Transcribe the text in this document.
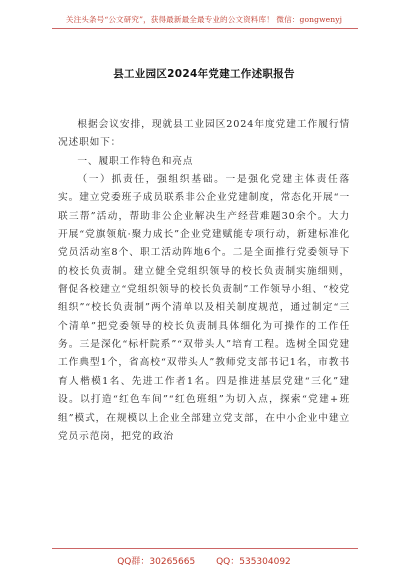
关注头条号“公文研究”，获得最新最全最专业的公文资料库！ 微信：gongwenyj
县工业园区2024年党建工作述职报告

根据会议安排，现就县工业园区2024年度党建工作履行情况述职如下：

一、履职工作特色和亮点

（一）抓责任，强组织基础。一是强化党建主体责任落实。建立党委班子成员联系非公企业党建制度，常态化开展“一联三帮”活动，帮助非公企业解决生产经营难题30余个。大力开展“党旗领航·聚力成长”企业党建赋能专项行动，新建标准化党员活动室8个、职工活动阵地6个。二是全面推行党委领导下的校长负责制。建立健全党组织领导的校长负责制实施细则，督促各校建立“党组织领导的校长负责制”工作领导小组、“校党组织”“校长负责制”两个清单以及相关制度规范，通过制定“三个清单”把党委领导的校长负责制具体细化为可操作的工作任务。三是深化“标杆院系”“双带头人”培育工程。选树全国党建工作典型1个，省高校“双带头人”教师党支部书记1名，市教书育人楷模1名、先进工作者1名。四是推进基层党建“三化”建设。以打造“红色车间”“红色班组”为切入点，探索“党建+班组”模式，在规模以上企业全部建立党支部，在中小企业中建立党员示范岗，把党的政治

QQ群：30265665 QQ：535304092
